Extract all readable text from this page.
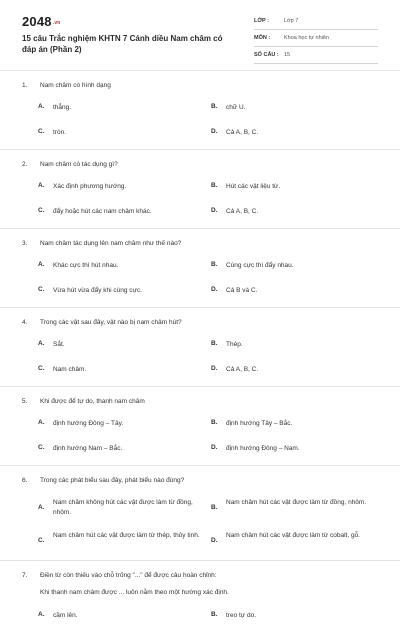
2048.vn
15 câu Trắc nghiệm KHTN 7 Cánh diều Nam châm có đáp án (Phần 2)
LỚP :	Lớp 7
MÔN :	Khoa học tự nhiên
SỐ CÂU : 15
1. Nam châm có hình dạng
A. thẳng.	B. chữ U.
C. tròn.	D. Cả A, B, C.
2. Nam châm có tác dụng gì?
A. Xác định phương hướng.	B. Hút các vật liệu từ.
C. đẩy hoặc hút các nam châm khác.	D. Cả A, B, C.
3. Nam châm tác dụng lên nam châm như thế nào?
A. Khác cực thì hút nhau.	B. Cùng cực thì đẩy nhau.
C. Vừa hút vừa đẩy khi cùng cực.	D. Cả B và C.
4. Trong các vật sau đây, vật nào bị nam châm hút?
A. Sắt.	B. Thép.
C. Nam châm.	D. Cả A, B, C.
5. Khi được để tự do, thanh nam châm
A. định hướng Đông – Tây.	B. định hướng Tây – Bắc.
C. định hướng Nam – Bắc.	D. định hướng Đông – Nam.
6. Trong các phát biểu sau đây, phát biểu nào đúng?
A.
Nam châm không hút các vật được làm từ đồng, nhôm.
B.
Nam châm hút các vật được làm từ đồng, nhôm.
C.
Nam châm hút các vật được làm từ thép, thủy tinh.
D.
Nam châm hút các vật được làm từ cobalt, gỗ.
7. Điền từ còn thiếu vào chỗ trống "..." để được câu hoàn chỉnh:
Khi thanh nam châm được ... luôn nằm theo một hướng xác định.
A. cầm lên.	B. treo tự do.
